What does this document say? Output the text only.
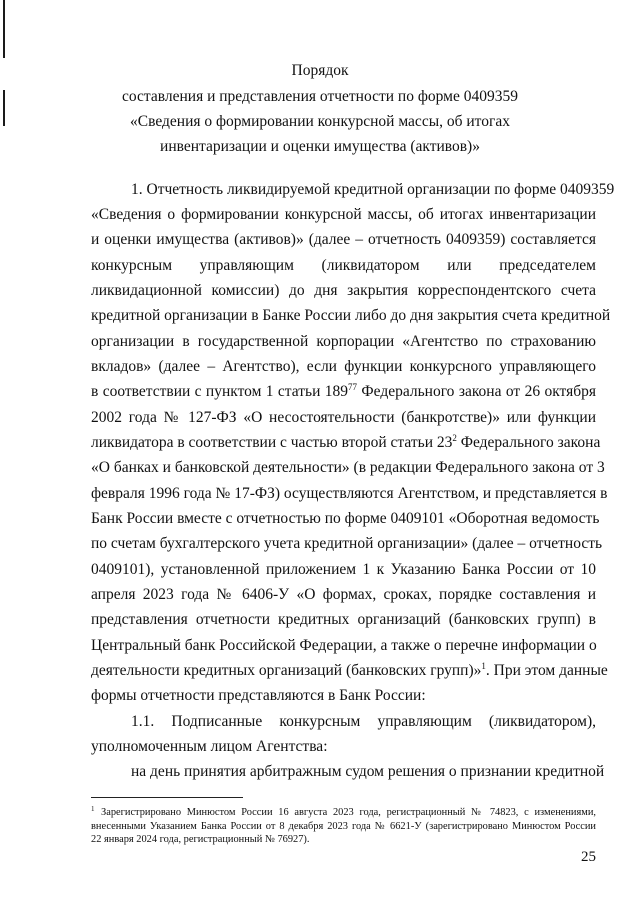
Порядок
составления и представления отчетности по форме 0409359
«Сведения о формировании конкурсной массы, об итогах
инвентаризации и оценки имущества (активов)»
1. Отчетность ликвидируемой кредитной организации по форме 0409359
«Сведения о формировании конкурсной массы, об итогах инвентаризации
и оценки имущества (активов)» (далее – отчетность 0409359) составляется
конкурсным управляющим (ликвидатором или председателем
ликвидационной комиссии) до дня закрытия корреспондентского счета
кредитной организации в Банке России либо до дня закрытия счета кредитной
организации в государственной корпорации «Агентство по страхованию
вкладов» (далее – Агентство), если функции конкурсного управляющего
в соответствии с пунктом 1 статьи $189^{77}$ Федерального закона от 26 октября
2002 года № 127-ФЗ «О несостоятельности (банкротстве)» или функции
ликвидатора в соответствии с частью второй статьи $23^2$ Федерального закона
«О банках и банковской деятельности» (в редакции Федерального закона от 3
февраля 1996 года № 17-ФЗ) осуществляются Агентством, и представляется в
Банк России вместе с отчетностью по форме 0409101 «Оборотная ведомость
по счетам бухгалтерского учета кредитной организации» (далее – отчетность
0409101), установленной приложением 1 к Указанию Банка России от 10
апреля 2023 года № 6406-У «О формах, сроках, порядке составления и
представления отчетности кредитных организаций (банковских групп) в
Центральный банк Российской Федерации, а также о перечне информации о
деятельности кредитных организаций (банковских групп)»$^1$. При этом данные
формы отчетности представляются в Банк России:
1.1. Подписанные конкурсным управляющим (ликвидатором),
уполномоченным лицом Агентства:
на день принятия арбитражным судом решения о признании кредитной
1 Зарегистрировано Минюстом России 16 августа 2023 года, регистрационный № 74823, с изменениями,
внесенными Указанием Банка России от 8 декабря 2023 года № 6621-У (зарегистрировано Минюстом России
22 января 2024 года, регистрационный № 76927).
25
